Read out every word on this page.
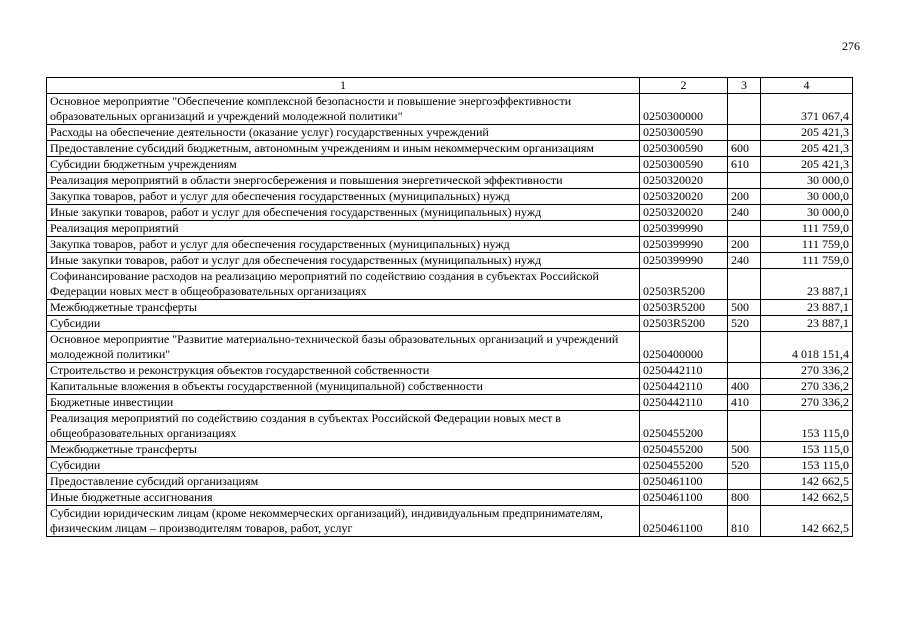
276
1	2	3	4
Основное мероприятие "Обеспечение комплексной безопасности и повышение энергоэффективности образовательных организаций и учреждений молодежной политики"	0250300000		371 067,4
Расходы на обеспечение деятельности (оказание услуг) государственных учреждений	0250300590		205 421,3
Предоставление субсидий бюджетным, автономным учреждениям и иным некоммерческим организациям	0250300590	600	205 421,3
Субсидии бюджетным учреждениям	0250300590	610	205 421,3
Реализация мероприятий в области энергосбережения и повышения энергетической эффективности	0250320020		30 000,0
Закупка товаров, работ и услуг для обеспечения государственных (муниципальных) нужд	0250320020	200	30 000,0
Иные закупки товаров, работ и услуг для обеспечения государственных (муниципальных) нужд	0250320020	240	30 000,0
Реализация мероприятий	0250399990		111 759,0
Закупка товаров, работ и услуг для обеспечения государственных (муниципальных) нужд	0250399990	200	111 759,0
Иные закупки товаров, работ и услуг для обеспечения государственных (муниципальных) нужд	0250399990	240	111 759,0
Софинансирование расходов на реализацию мероприятий по содействию создания в субъектах Российской Федерации новых мест в общеобразовательных организациях	02503R5200		23 887,1
Межбюджетные трансферты	02503R5200	500	23 887,1
Субсидии	02503R5200	520	23 887,1
Основное мероприятие "Развитие материально-технической базы образовательных организаций и учреждений молодежной политики"	0250400000		4 018 151,4
Строительство и реконструкция объектов государственной собственности	0250442110		270 336,2
Капитальные вложения в объекты государственной (муниципальной) собственности	0250442110	400	270 336,2
Бюджетные инвестиции	0250442110	410	270 336,2
Реализация мероприятий по содействию создания в субъектах Российской Федерации новых мест в общеобразовательных организациях	0250455200		153 115,0
Межбюджетные трансферты	0250455200	500	153 115,0
Субсидии	0250455200	520	153 115,0
Предоставление субсидий организациям	0250461100		142 662,5
Иные бюджетные ассигнования	0250461100	800	142 662,5
Субсидии юридическим лицам (кроме некоммерческих организаций), индивидуальным предпринимателям, физическим лицам – производителям товаров, работ, услуг	0250461100	810	142 662,5
